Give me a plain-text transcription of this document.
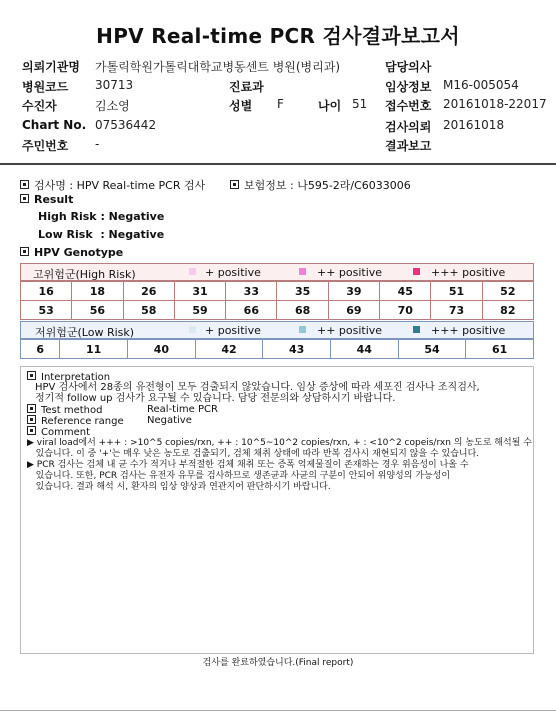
HPV Real-time PCR 검사결과보고서
의뢰기관명 가톨릭학원가톨릭대학교병동센트 병원(병리과)	담당의사
병원코드 30713	진료과	임상정보 M16-005054
수진자	김소영	성별 F	나이 51 접수번호 20161018-22017
Chart No. 07536442	검사의뢰 20161018
주민번호 -	결과보고
검사명 : HPV Real-time PCR 검사	보험정보 : 나595-2라/C6033006
Result
High Risk : Negative
Low Risk  : Negative
HPV Genotype
고위험군(High Risk)	+ positive	++ positive	+++ positive
16	18	26	31	33	35	39	45	51	52
53	56	58	59	66	68	69	70	73	82
저위험군(Low Risk)	+ positive	++ positive	+++ positive
6	11	40	42	43	44	54	61
Interpretation
HPV 검사에서 28종의 유전형이 모두 검출되지 않았습니다. 임상 증상에 따라 세포진 검사나 조직검사,
정기적 follow up 검사가 요구될 수 있습니다. 담당 전문의와 상담하시기 바랍니다.
Test method	Real-time PCR
Reference range Negative
Comment
▶ viral load에서 +++ : >10^5 copies/rxn, ++ : 10^5~10^2 copies/rxn, + : <10^2 copeis/rxn 의 농도로 해석될 수
있습니다. 이 중 '+'는 매우 낮은 농도로 검출되기, 검체 채취 상태에 따라 반복 검사시 재현되지 않을 수 있습니다.
▶ PCR 검사는 검체 내 균 수가 적거나 부적절한 검체 채취 또는 증폭 억제물질이 존재하는 경우 위음성이 나올 수
있습니다. 또한, PCR 검사는 유전자 유무를 검사하므로 생존균과 사균의 구분이 안되어 위양성의 가능성이
있습니다. 결과 해석 시, 환자의 임상 양상과 연관지어 판단하시기 바랍니다.
검사를 완료하였습니다.(Final report)
